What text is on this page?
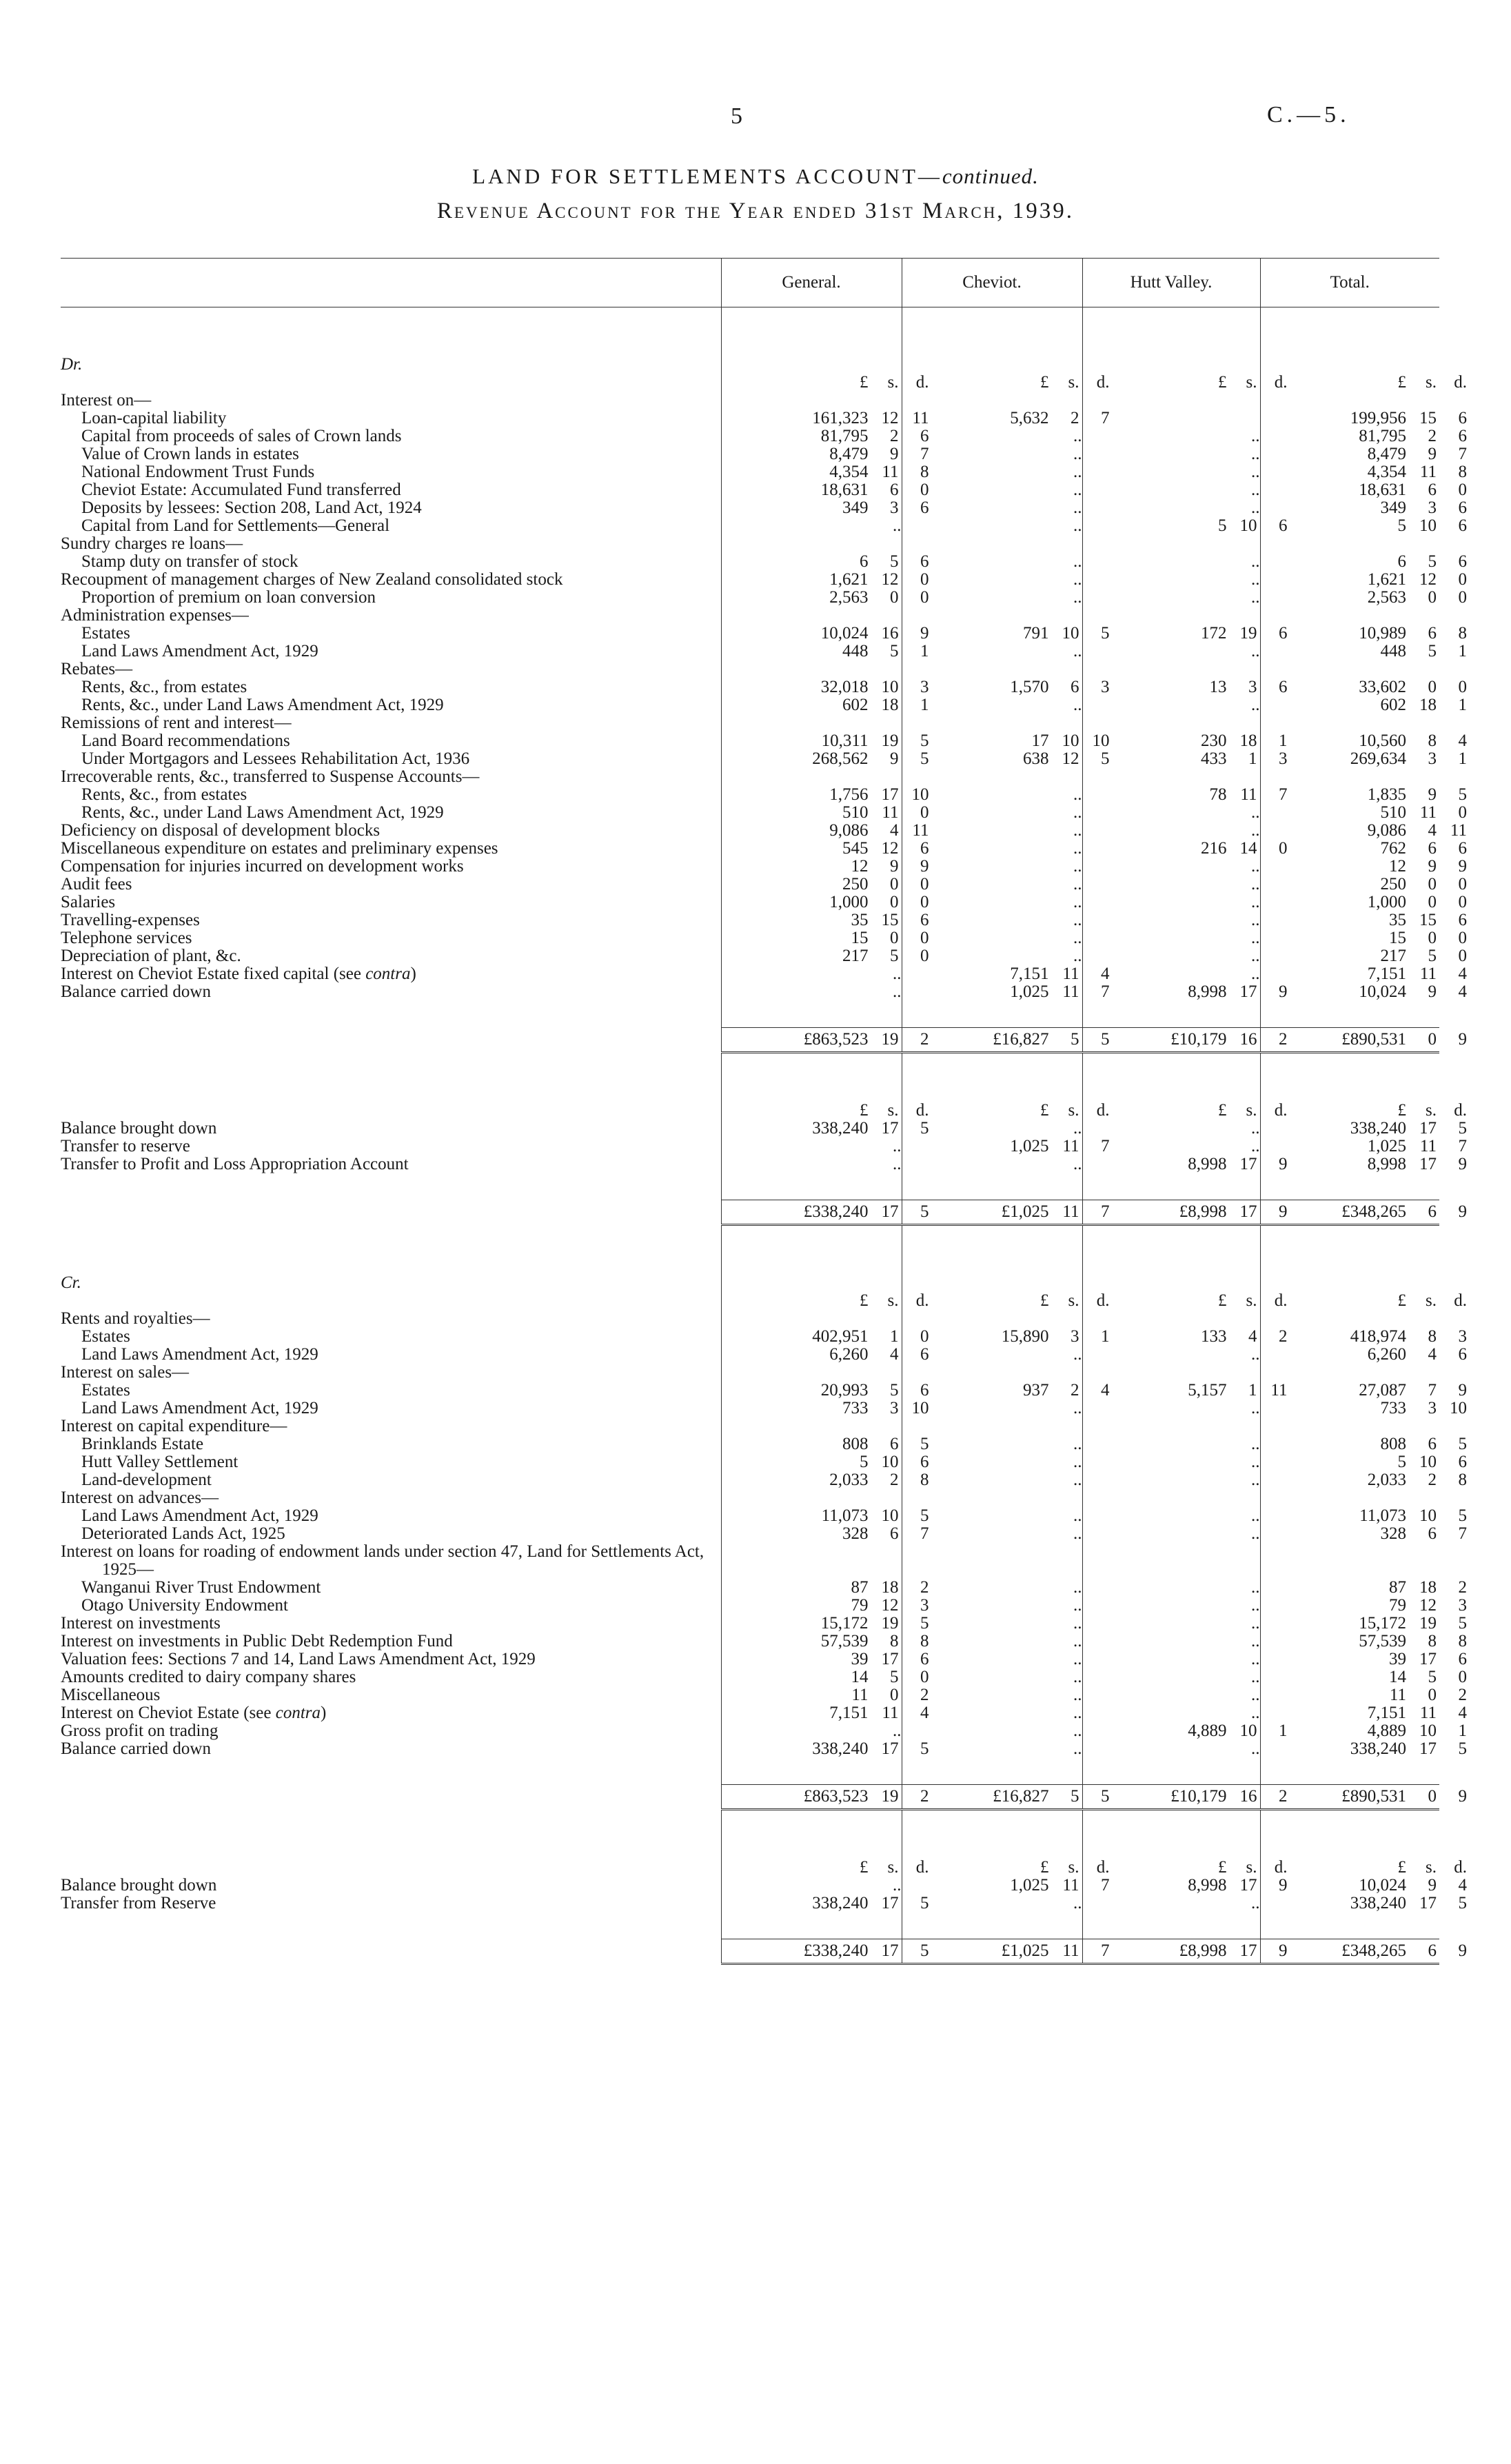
5	C.—5.
LAND FOR SETTLEMENTS ACCOUNT—continued.
Revenue Account for the Year ended 31st March, 1939.
	General.	Cheviot.	Hutt Valley.	Total.

Dr.				
	£ s. d.	£ s. d.	£ s. d.	£ s. d.
Interest on—				
Loan-capital liability	161,323 12 11	5,632 2 7		199,956 15 6
Capital from proceeds of sales of Crown lands	81,795 2 6	..	..	81,795 2 6
Value of Crown lands in estates	8,479 9 7	..	..	8,479 9 7
National Endowment Trust Funds	4,354 11 8	..	..	4,354 11 8
Cheviot Estate: Accumulated Fund transferred	18,631 6 0	..	..	18,631 6 0
Deposits by lessees: Section 208, Land Act, 1924	349 3 6	..	..	349 3 6
Capital from Land for Settlements—General	..	..	5 10 6	5 10 6
Sundry charges re loans—				
Stamp duty on transfer of stock	6 5 6	..	..	6 5 6

Recoupment of management charges of New Zealand consolidated stock	1,621 12 0	..	..	1,621 12 0
Proportion of premium on loan conversion	2,563 0 0	..	..	2,563 0 0
Administration expenses—				
Estates	10,024 16 9	791 10 5	172 19 6	10,989 6 8
Land Laws Amendment Act, 1929	448 5 1	..	..	448 5 1
Rebates—				
Rents, &c., from estates	32,018 10 3	1,570 6 3	13 3 6	33,602 0 0
Rents, &c., under Land Laws Amendment Act, 1929	602 18 1	..	..	602 18 1
Remissions of rent and interest—				
Land Board recommendations	10,311 19 5	17 10 10	230 18 1	10,560 8 4
Under Mortgagors and Lessees Rehabilitation Act, 1936	268,562 9 5	638 12 5	433 1 3	269,634 3 1
Irrecoverable rents, &c., transferred to Suspense Accounts—				
Rents, &c., from estates	1,756 17 10	..	78 11 7	1,835 9 5
Rents, &c., under Land Laws Amendment Act, 1929	510 11 0	..	..	510 11 0
Deficiency on disposal of development blocks	9,086 4 11	..	..	9,086 4 11
Miscellaneous expenditure on estates and preliminary expenses	545 12 6	..	216 14 0	762 6 6
Compensation for injuries incurred on development works	12 9 9	..	..	12 9 9
Audit fees	250 0 0	..	..	250 0 0
Salaries	1,000 0 0	..	..	1,000 0 0
Travelling-expenses	35 15 6	..	..	35 15 6
Telephone services	15 0 0	..	..	15 0 0
Depreciation of plant, &c.	217 5 0	..	..	217 5 0
Interest on Cheviot Estate fixed capital (see contra)	..	7,151 11 4	..	7,151 11 4
Balance carried down	..	1,025 11 7	8,998 17 9	10,024 9 4

	£863,523 19 2	£16,827 5 5	£10,179 16 2	£890,531 0 9

	£ s. d.	£ s. d.	£ s. d.	£ s. d.
Balance brought down	338,240 17 5	..	..	338,240 17 5
Transfer to reserve	..	1,025 11 7	..	1,025 11 7
Transfer to Profit and Loss Appropriation Account	..	..	8,998 17 9	8,998 17 9

	£338,240 17 5	£1,025 11 7	£8,998 17 9	£348,265 6 9

Cr.				
	£ s. d.	£ s. d.	£ s. d.	£ s. d.
Rents and royalties—				
Estates	402,951 1 0	15,890 3 1	133 4 2	418,974 8 3
Land Laws Amendment Act, 1929	6,260 4 6	..	..	6,260 4 6
Interest on sales—				
Estates	20,993 5 6	937 2 4	5,157 1 11	27,087 7 9
Land Laws Amendment Act, 1929	733 3 10	..	..	733 3 10
Interest on capital expenditure—				
Brinklands Estate	808 6 5	..	..	808 6 5
Hutt Valley Settlement	5 10 6	..	..	5 10 6
Land-development	2,033 2 8	..	..	2,033 2 8
Interest on advances—				
Land Laws Amendment Act, 1929	11,073 10 5	..	..	11,073 10 5
Deteriorated Lands Act, 1925	328 6 7	..	..	328 6 7

Interest on loans for roading of endowment lands under section 47, Land for Settlements Act, 1925—				

Wanganui River Trust Endowment	87 18 2	..	..	87 18 2
Otago University Endowment	79 12 3	..	..	79 12 3
Interest on investments	15,172 19 5	..	..	15,172 19 5
Interest on investments in Public Debt Redemption Fund	57,539 8 8	..	..	57,539 8 8

Valuation fees: Sections 7 and 14, Land Laws Amendment Act, 1929	39 17 6	..	..	39 17 6
Amounts credited to dairy company shares	14 5 0	..	..	14 5 0
Miscellaneous	11 0 2	..	..	11 0 2
Interest on Cheviot Estate (see contra)	7,151 11 4	..	..	7,151 11 4
Gross profit on trading	..	..	4,889 10 1	4,889 10 1
Balance carried down	338,240 17 5	..	..	338,240 17 5

	£863,523 19 2	£16,827 5 5	£10,179 16 2	£890,531 0 9

	£ s. d.	£ s. d.	£ s. d.	£ s. d.
Balance brought down	..	1,025 11 7	8,998 17 9	10,024 9 4
Transfer from Reserve	338,240 17 5	..	..	338,240 17 5

	£338,240 17 5	£1,025 11 7	£8,998 17 9	£348,265 6 9
